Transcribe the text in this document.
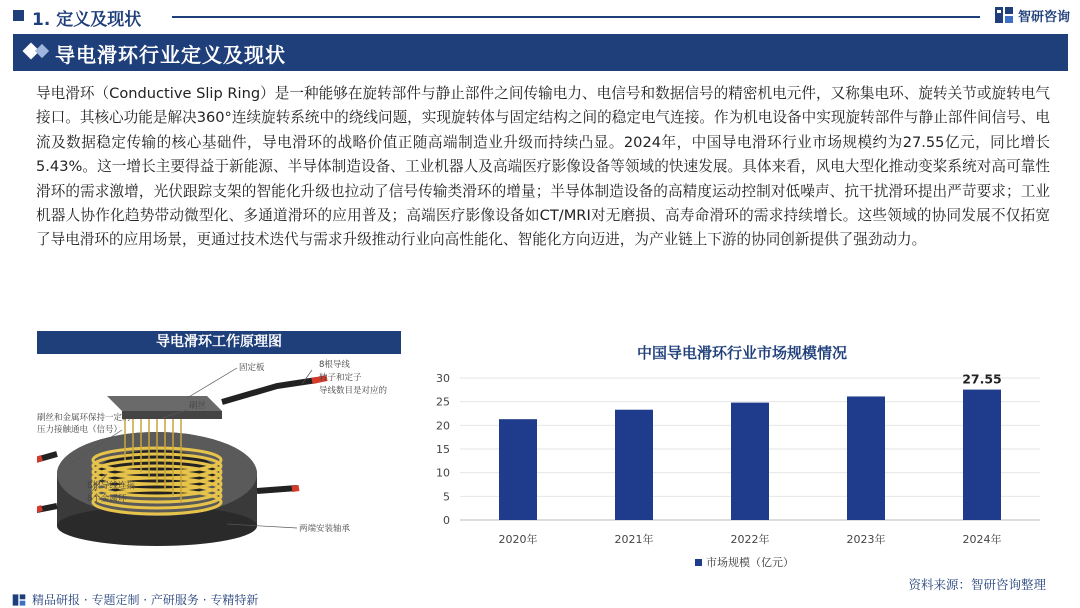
1. 定义及现状	智研咨询
导电滑环行业定义及现状
导电滑环（Conductive Slip Ring）是一种能够在旋转部件与静止部件之间传输电力、电信号和数据信号的精密机电元件，又称集电环、旋转关节或旋转电气接口。其核心功能是解决360°连续旋转系统中的绕线问题，实现旋转体与固定结构之间的稳定电气连接。作为机电设备中实现旋转部件与静止部件间信号、电流及数据稳定传输的核心基础件，导电滑环的战略价值正随高端制造业升级而持续凸显。2024年，中国导电滑环行业市场规模约为27.55亿元，同比增长5.43%。这一增长主要得益于新能源、半导体制造设备、工业机器人及高端医疗影像设备等领域的快速发展。具体来看，风电大型化推动变桨系统对高可靠性滑环的需求激增，光伏跟踪支架的智能化升级也拉动了信号传输类滑环的增量；半导体制造设备的高精度运动控制对低噪声、抗干扰滑环提出严苛要求；工业机器人协作化趋势带动微型化、多通道滑环的应用普及；高端医疗影像设备如CT/MRI对无磨损、高寿命滑环的需求持续增长。这些领域的协同发展不仅拓宽了导电滑环的应用场景，更通过技术迭代与需求升级推动行业向高性能化、智能化方向迈进，为产业链上下游的协同创新提供了强劲动力。
导电滑环工作原理图
固定板	8根导线
转子和定子
导线数目是对应的
刷丝
刷丝和金属环保持一定的
压力接触通电（信号）
8根导线连接
8个金属环
两端安装轴承
中国导电滑环行业市场规模情况
0
5
10
15
20
25
30
2020年	2021年	2022年	2023年	2024年
27.55
市场规模（亿元）
资料来源：智研咨询整理
精品研报 · 专题定制 · 产研服务 · 专精特新
